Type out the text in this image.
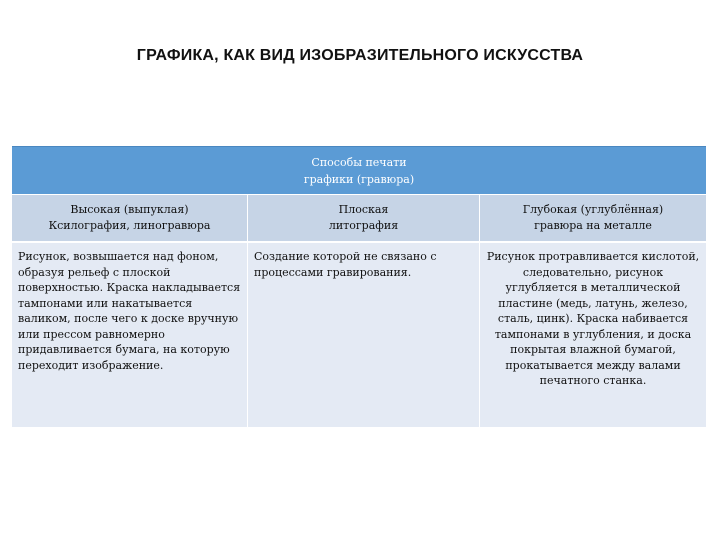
ГРАФИКА, КАК ВИД ИЗОБРАЗИТЕЛЬНОГО ИСКУССТВА
Способы печати
графики (гравюра)
Высокая (выпуклая)
Ксилография, линогравюра
Плоская
литография
Глубокая (углублённая)
гравюра на металле
Рисунок, возвышается над фоном, образуя рельеф с плоской поверхностью. Краска накладывается тампонами или накатывается валиком, после чего к доске вручную или прессом равномерно придавливается бумага, на которую переходит изображение.
Создание которой не связано с процессами гравирования.
Рисунок протравливается кислотой, следовательно, рисунок углубляется в металлической пластине (медь, латунь, железо, сталь, цинк). Краска набивается тампонами в углубления, и доска покрытая влажной бумагой, прокатывается между валами печатного станка.
